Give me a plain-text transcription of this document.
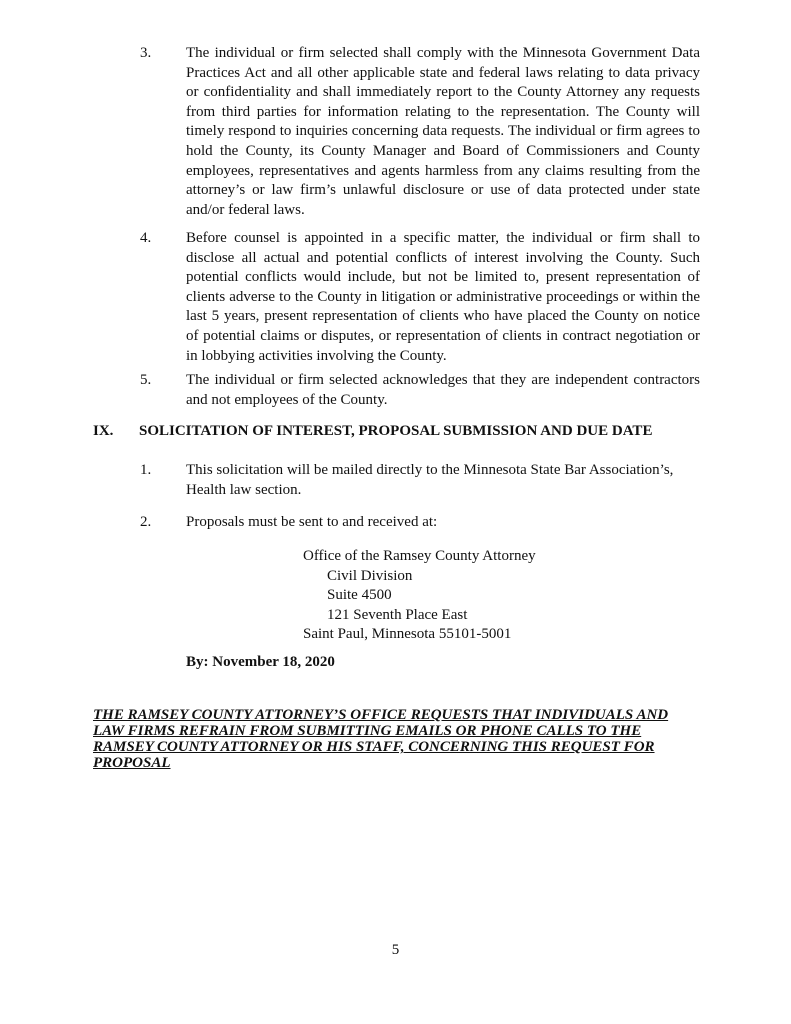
3.	The individual or firm selected shall comply with the Minnesota Government Data Practices Act and all other applicable state and federal laws relating to data privacy or confidentiality and shall immediately report to the County Attorney any requests from third parties for information relating to the representation. The County will timely respond to inquiries concerning data requests. The individual or firm agrees to hold the County, its County Manager and Board of Commissioners and County employees, representatives and agents harmless from any claims resulting from the attorney’s or law firm’s unlawful disclosure or use of data protected under state and/or federal laws.
4.	Before counsel is appointed in a specific matter, the individual or firm shall to disclose all actual and potential conflicts of interest involving the County. Such potential conflicts would include, but not be limited to, present representation of clients adverse to the County in litigation or administrative proceedings or within the last 5 years, present representation of clients who have placed the County on notice of potential claims or disputes, or representation of clients in contract negotiation or in lobbying activities involving the County.
5.	The individual or firm selected acknowledges that they are independent contractors and not employees of the County.
IX. SOLICITATION OF INTEREST, PROPOSAL SUBMISSION AND DUE DATE
1.	This solicitation will be mailed directly to the Minnesota State Bar Association’s, Health law section.
2.	Proposals must be sent to and received at:
Office of the Ramsey County Attorney
Civil Division
Suite 4500
121 Seventh Place East
Saint Paul, Minnesota 55101-5001
By: November 18, 2020
THE RAMSEY COUNTY ATTORNEY’S OFFICE REQUESTS THAT INDIVIDUALS AND LAW FIRMS REFRAIN FROM SUBMITTING EMAILS OR PHONE CALLS TO THE RAMSEY COUNTY ATTORNEY OR HIS STAFF, CONCERNING THIS REQUEST FOR PROPOSAL
5
